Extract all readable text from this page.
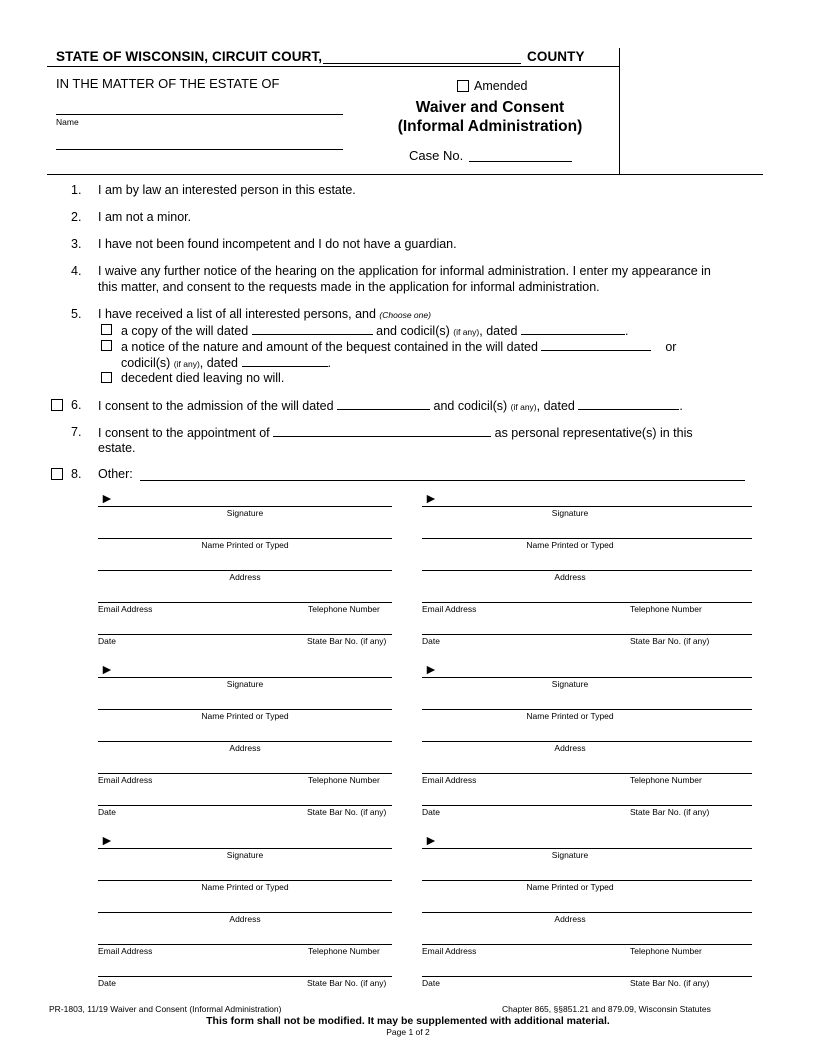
STATE OF WISCONSIN, CIRCUIT COURT,	COUNTY
IN THE MATTER OF THE ESTATE OF
Name
Amended
Waiver and Consent
(Informal Administration)
Case No.
1. I am by law an interested person in this estate.
2. I am not a minor.
3. I have not been found incompetent and I do not have a guardian.
4. I waive any further notice of the hearing on the application for informal administration. I enter my appearance in
this matter, and consent to the requests made in the application for informal administration.
5. I have received a list of all interested persons, and (Choose one)
a copy of the will dated	and codicil(s) (if any), dated	.
a notice of the nature and amount of the bequest contained in the will dated	or
codicil(s) (if any), dated	.
decedent died leaving no will.
6. I consent to the admission of the will dated	and codicil(s) (if any), dated	.
7. I consent to the appointment of	as personal representative(s) in this
estate.
8. Other:
►
Signature
Name Printed or Typed
Address
Email Address	Telephone Number
Date	State Bar No. (if any)
►
Signature
Name Printed or Typed
Address
Email Address	Telephone Number
Date	State Bar No. (if any)
►
Signature
Name Printed or Typed
Address
Email Address	Telephone Number
Date	State Bar No. (if any)
►
Signature
Name Printed or Typed
Address
Email Address	Telephone Number
Date	State Bar No. (if any)
►
Signature
Name Printed or Typed
Address
Email Address	Telephone Number
Date	State Bar No. (if any)
►
Signature
Name Printed or Typed
Address
Email Address	Telephone Number
Date	State Bar No. (if any)
PR-1803, 11/19 Waiver and Consent (Informal Administration)	Chapter 865, §§851.21 and 879.09, Wisconsin Statutes
This form shall not be modified. It may be supplemented with additional material.
Page 1 of 2
